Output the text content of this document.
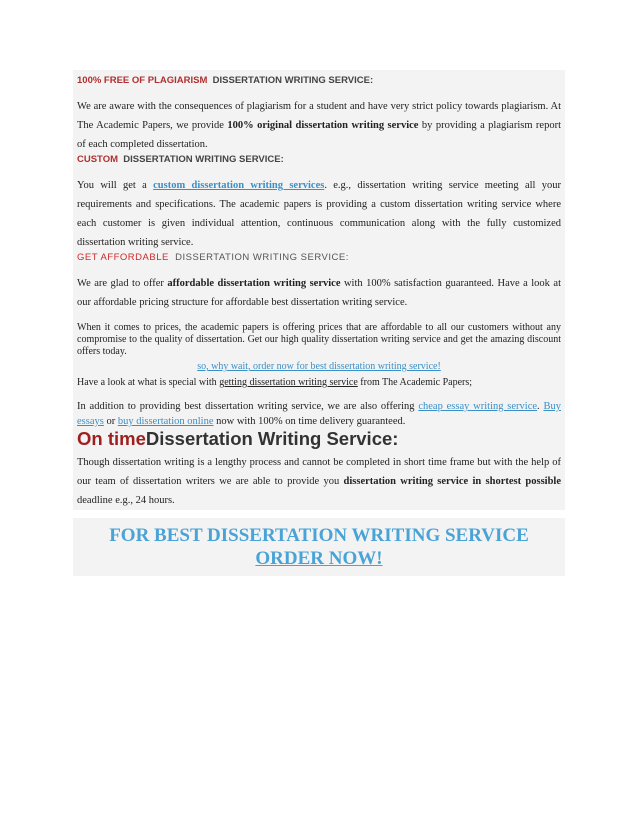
100% FREE OF PLAGIARISM DISSERTATION WRITING SERVICE:
We are aware with the consequences of plagiarism for a student and have very strict policy towards plagiarism. At The Academic Papers, we provide 100% original dissertation writing service by providing a plagiarism report of each completed dissertation.
CUSTOM DISSERTATION WRITING SERVICE:
You will get a custom dissertation writing services. e.g., dissertation writing service meeting all your requirements and specifications. The academic papers is providing a custom dissertation writing service where each customer is given individual attention, continuous communication along with the fully customized dissertation writing service.
GET AFFORDABLE DISSERTATION WRITING SERVICE:
We are glad to offer affordable dissertation writing service with 100% satisfaction guaranteed. Have a look at our affordable pricing structure for affordable best dissertation writing service.
When it comes to prices, the academic papers is offering prices that are affordable to all our customers without any compromise to the quality of dissertation. Get our high quality dissertation writing service and get the amazing discount offers today.
so, why wait, order now for best dissertation writing service!
Have a look at what is special with getting dissertation writing service from The Academic Papers;
In addition to providing best dissertation writing service, we are also offering cheap essay writing service. Buy essays or buy dissertation online now with 100% on time delivery guaranteed.
On timeDissertation Writing Service:
Though dissertation writing is a lengthy process and cannot be completed in short time frame but with the help of our team of dissertation writers we are able to provide you dissertation writing service in shortest possible deadline e.g., 24 hours.
FOR BEST DISSERTATION WRITING SERVICE
ORDER NOW!
